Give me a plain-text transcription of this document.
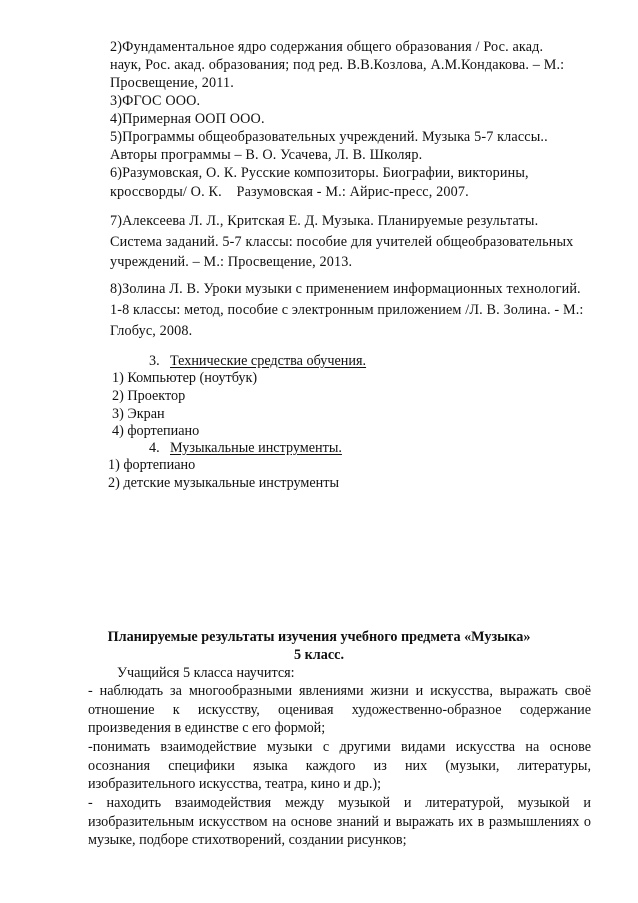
2)Фундаментальное ядро содержания общего образования / Рос. акад.
наук, Рос. акад. образования; под ред. В.В.Козлова, А.М.Кондакова. – М.:
Просвещение, 2011.
3)ФГОС ООО.
4)Примерная ООП ООО.
5)Программы общеобразовательных учреждений. Музыка 5-7 классы..
Авторы программы – В. О. Усачева, Л. В. Школяр.
6)Разумовская, О. К. Русские композиторы. Биографии, викторины,
кроссворды/ О. К.    Разумовская - М.: Айрис-пресс, 2007.
7)Алексеева Л. Л., Критская Е. Д. Музыка. Планируемые результаты.
Система заданий. 5-7 классы: пособие для учителей общеобразовательных
учреждений. – М.: Просвещение, 2013.
8)Золина Л. В. Уроки музыки с применением информационных технологий.
1-8 классы: метод, пособие с электронным приложением /Л. В. Золина. - М.:
Глобус, 2008.
3. Технические средства обучения.
1) Компьютер (ноутбук)
2) Проектор
3) Экран
4) фортепиано
4. Музыкальные инструменты.
1) фортепиано
2) детские музыкальные инструменты
Планируемые результаты изучения учебного предмета «Музыка»
5 класс.
Учащийся 5 класса научится:
- наблюдать за многообразными явлениями жизни и искусства, выражать своё отношение к искусству, оценивая художественно-образное содержание произведения в единстве с его формой;
-понимать взаимодействие музыки с другими видами искусства на основе осознания специфики языка каждого из них (музыки, литературы, изобразительного искусства, театра, кино и др.);
- находить взаимодействия между музыкой и литературой, музыкой и изобразительным искусством на основе знаний и выражать их в размышлениях о музыке, подборе стихотворений, создании рисунков;
